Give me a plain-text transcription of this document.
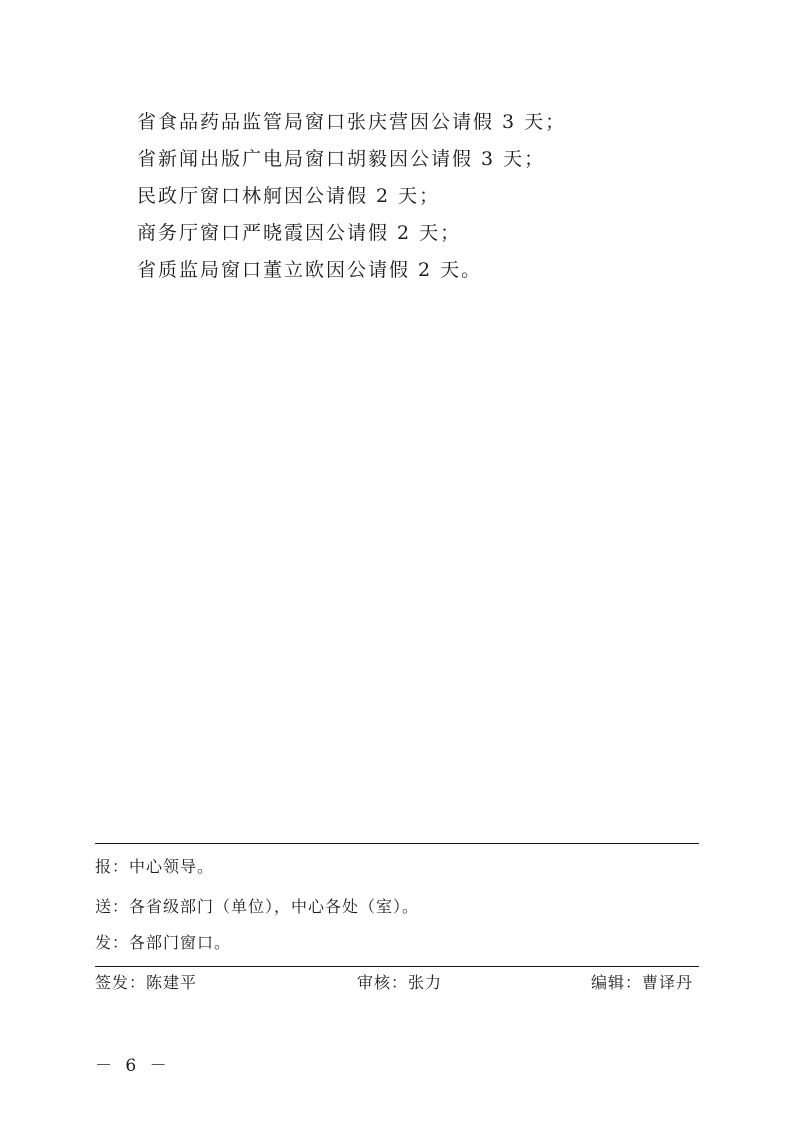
省食品药品监管局窗口张庆营因公请假 3 天；
省新闻出版广电局窗口胡毅因公请假 3 天；
民政厅窗口林舸因公请假 2 天；
商务厅窗口严晓霞因公请假 2 天；
省质监局窗口董立欧因公请假 2 天。
报：中心领导。
送：各省级部门（单位），中心各处（室）。
发：各部门窗口。
签发：陈建平	审核：张力	编辑：曹译丹
－ 6 －
